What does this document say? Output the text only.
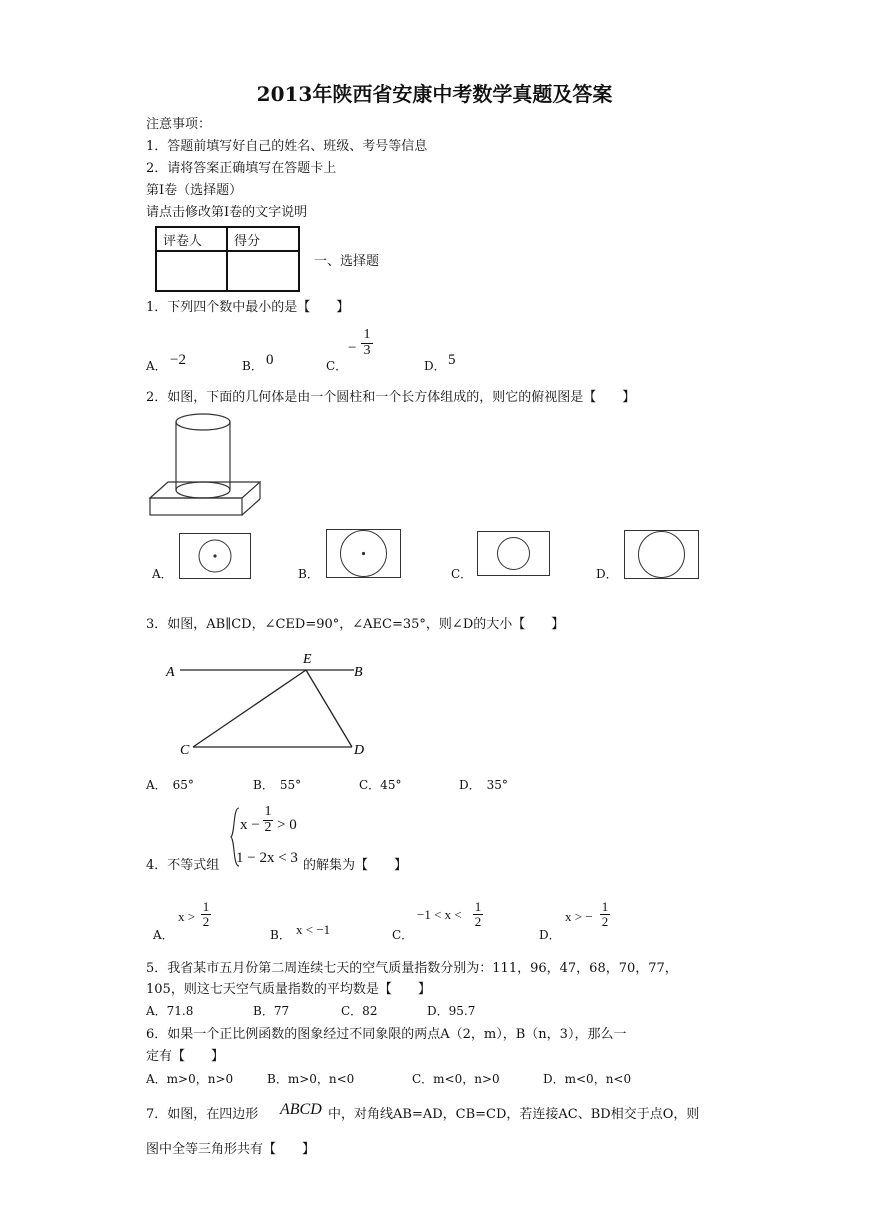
2013年陕西省安康中考数学真题及答案
注意事项：
1．答题前填写好自己的姓名、班级、考号等信息
2．请将答案正确填写在答题卡上
第Ⅰ卷（选择题）
请点击修改第Ⅰ卷的文字说明
评卷人	得分

一、选择题
1．下列四个数中最小的是【　　】
A． −2	B． 0	C．
−
1
3
D． 5
2．如图，下面的几何体是由一个圆柱和一个长方体组成的，则它的俯视图是【　　】
A．	B．	C．	D．
3．如图，AB∥CD，∠CED=90°，∠AEC=35°，则∠D的大小【　　】
A
E
B
C	D
A．　65°	B．　55°	C．45°	D．　35°
4．不等式组
x −
1
2 > 0
1 − 2x < 3 的解集为【　　】
A．
x >
1
2
B． x < −1	C．
−1 < x <
1
2
D．
x > −
1
2
5．我省某市五月份第二周连续七天的空气质量指数分别为：111，96，47，68，70，77，
105，则这七天空气质量指数的平均数是【　　】
A．71.8	B．77	C．82	D．95.7
6．如果一个正比例函数的图象经过不同象限的两点A（2，m），B（n，3），那么一
定有【　　】
A．m>0，n>0	B．m>0，n<0	C．m<0，n>0	D．m<0，n<0
7．如图，在四边形 ABCD 中，对角线AB=AD，CB=CD，若连接AC、BD相交于点O，则
图中全等三角形共有【　　】
